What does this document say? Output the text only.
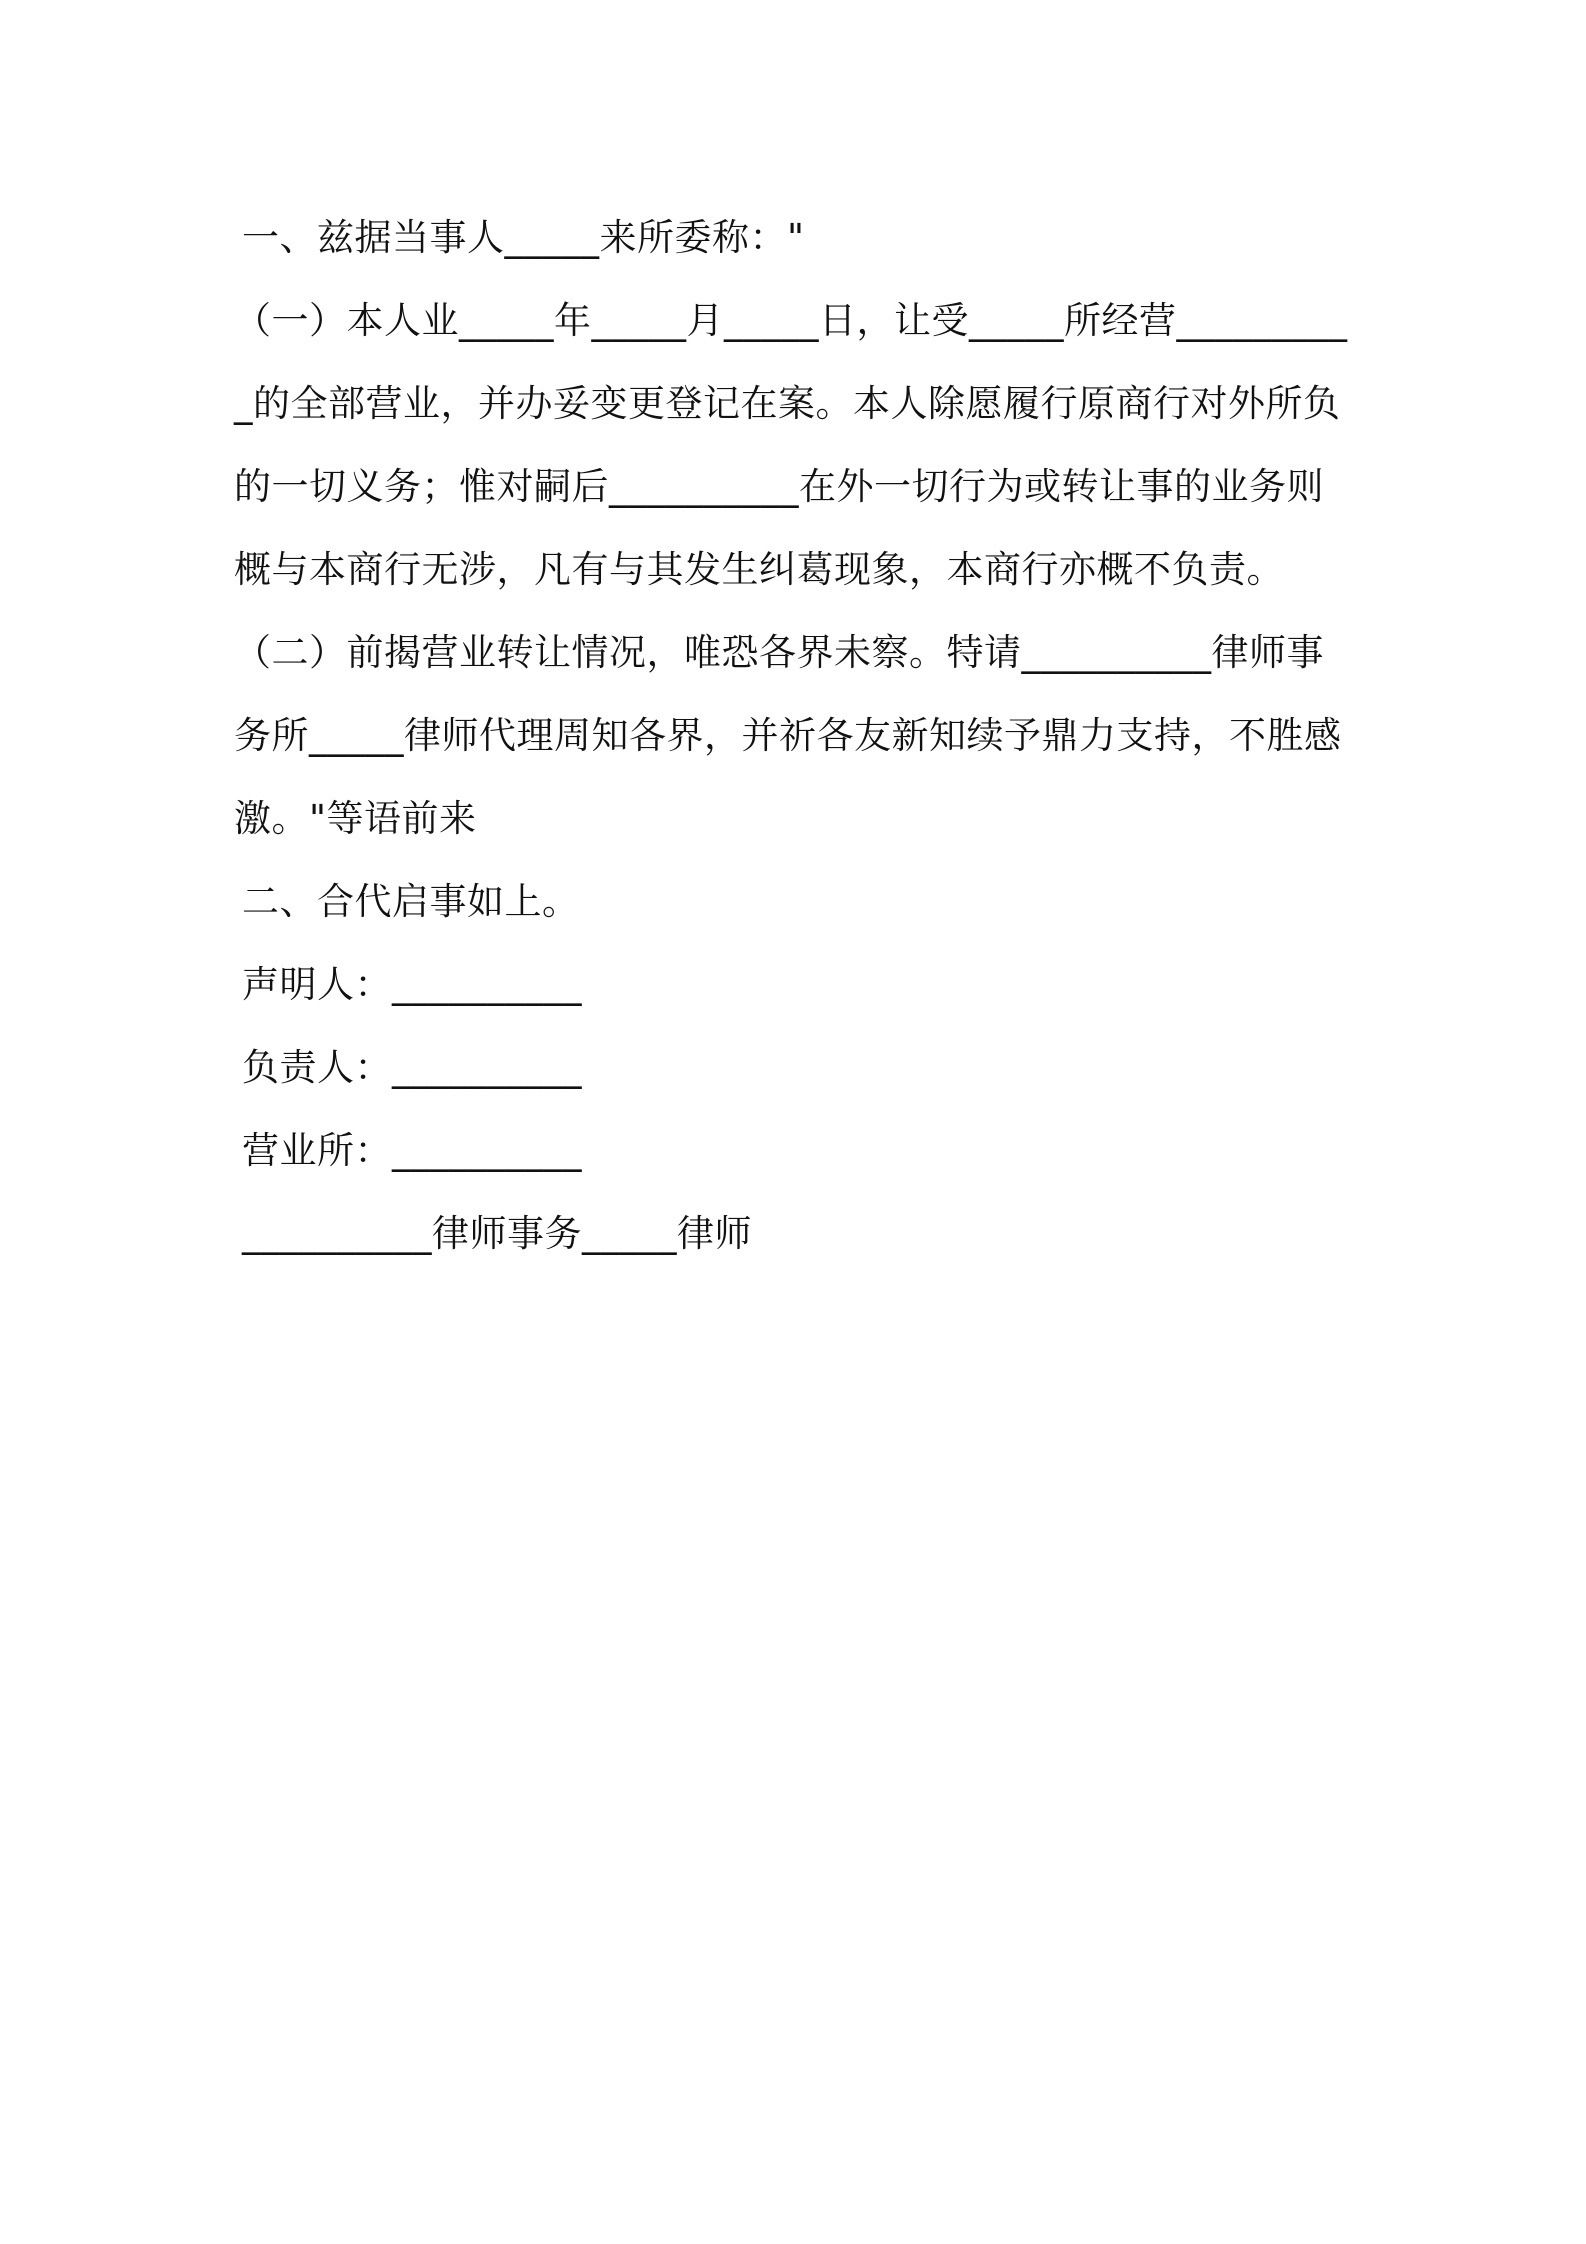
一、兹据当事人_____来所委称："

（一）本人业_____年_____月_____日，让受_____所经营__________的全部营业，并办妥变更登记在案。本人除愿履行原商行对外所负的一切义务；惟对嗣后__________在外一切行为或转让事的业务则概与本商行无涉，凡有与其发生纠葛现象，本商行亦概不负责。

（二）前揭营业转让情况，唯恐各界未察。特请__________律师事务所_____律师代理周知各界，并祈各友新知续予鼎力支持，不胜感激。"等语前来

二、合代启事如上。

声明人：__________

负责人：__________

营业所：__________

__________律师事务_____律师
